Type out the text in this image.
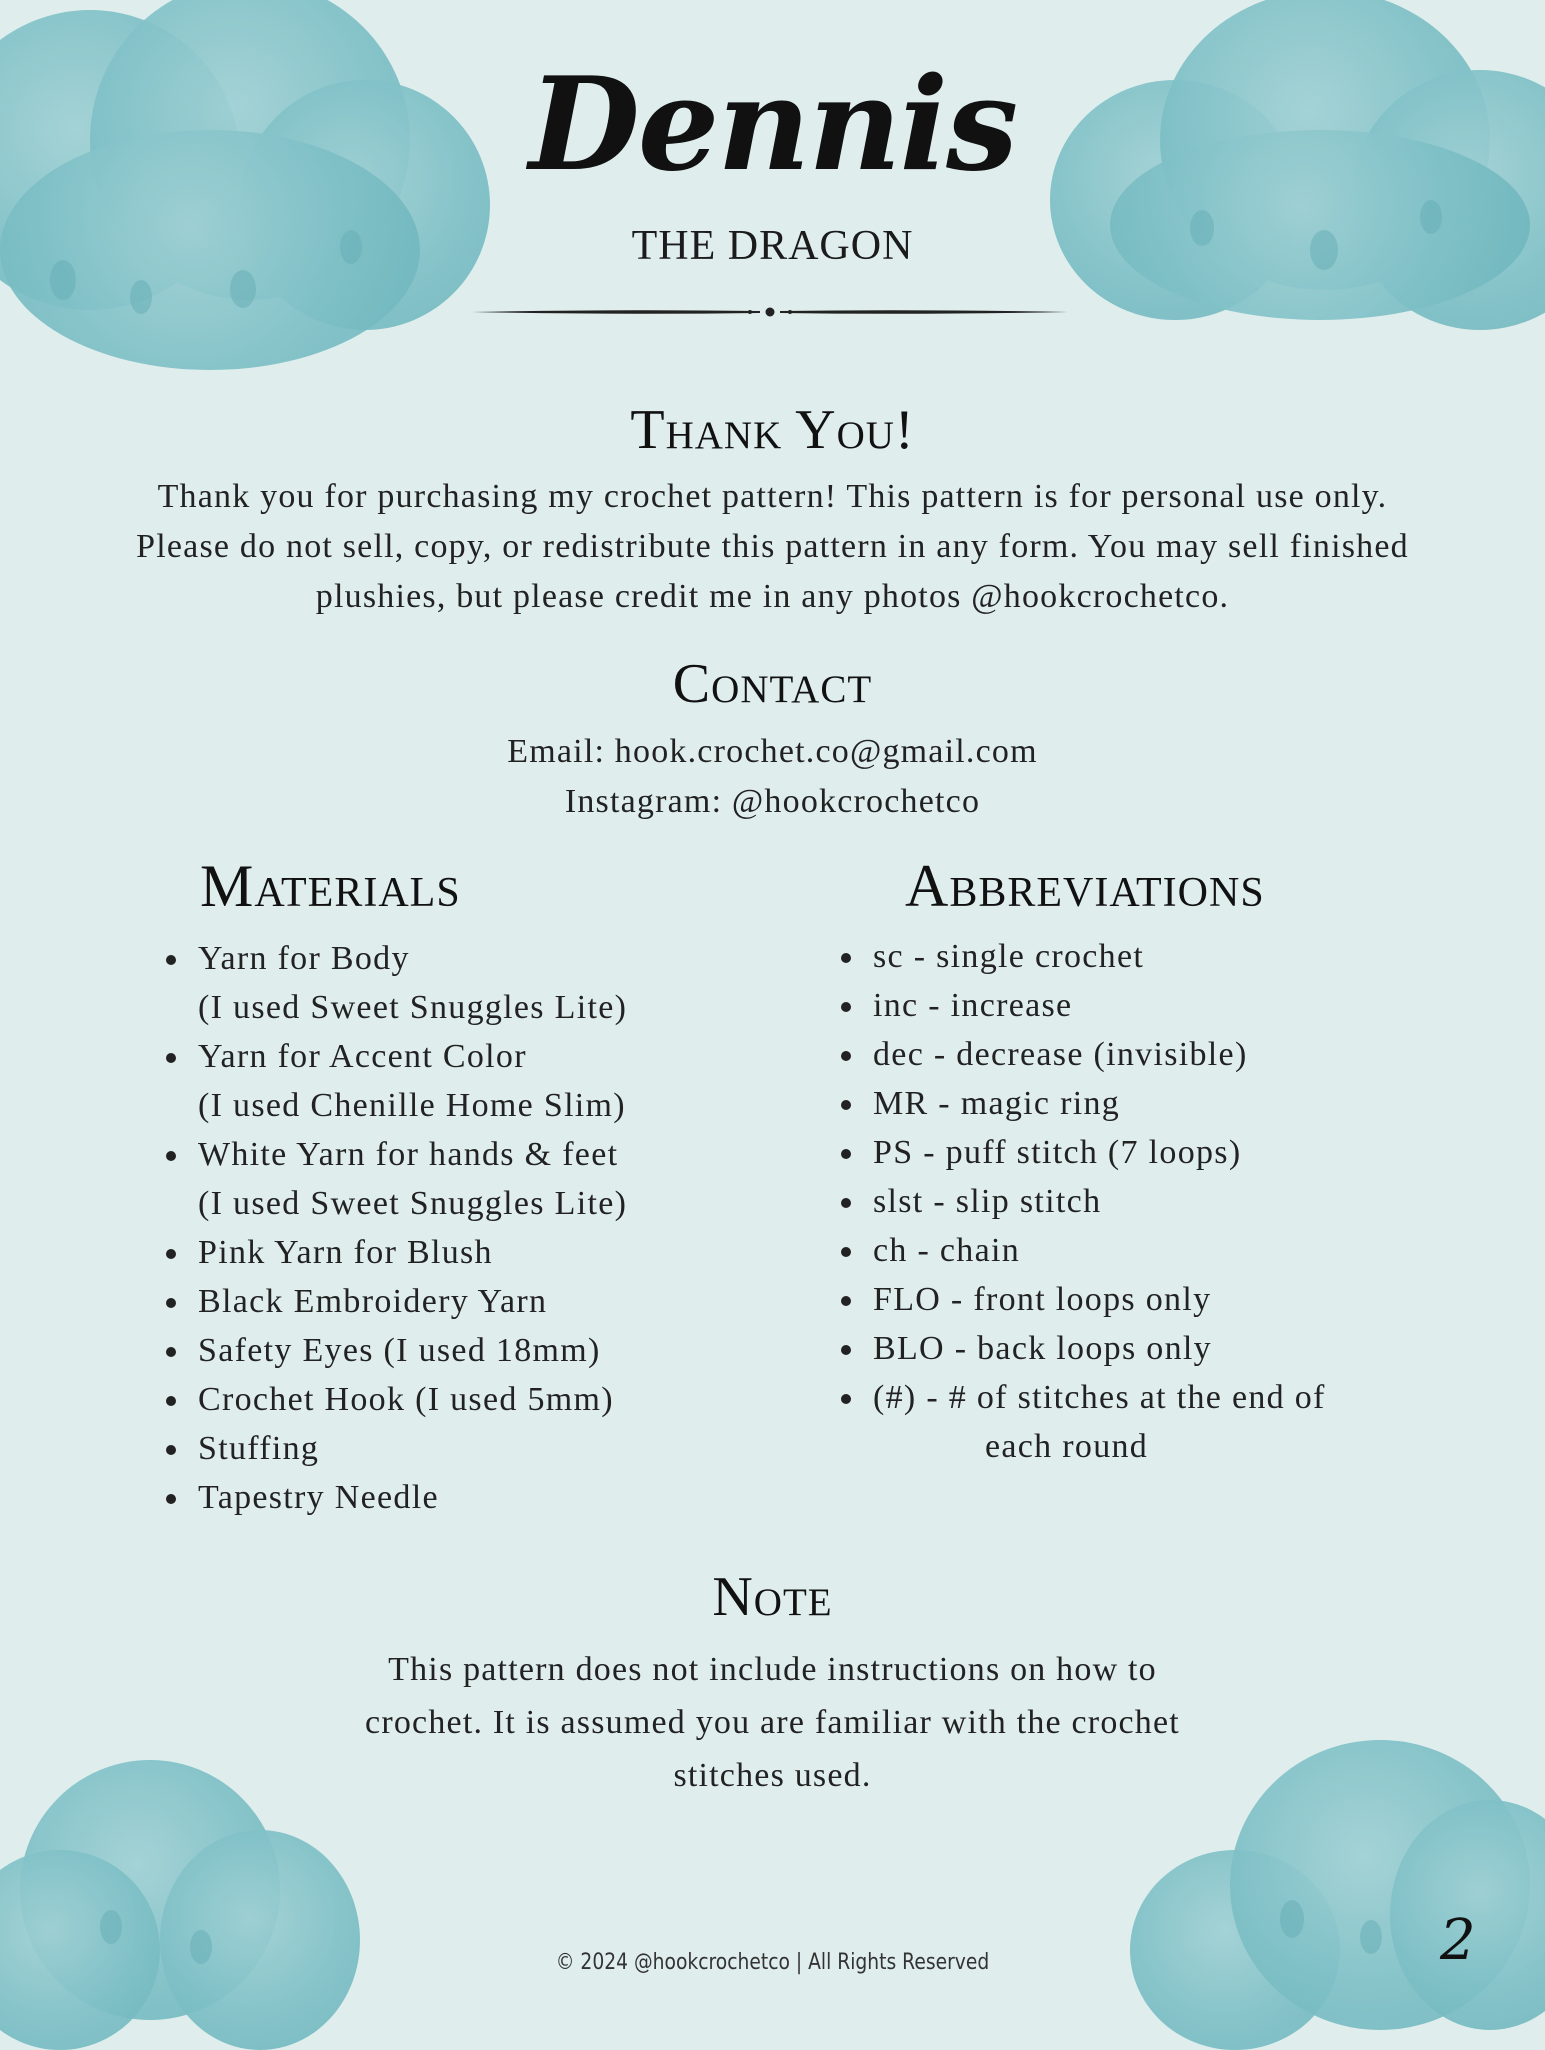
Dennis
THE DRAGON
Thank You!
Thank you for purchasing my crochet pattern! This pattern is for personal use only.
Please do not sell, copy, or redistribute this pattern in any form. You may sell finished
plushies, but please credit me in any photos @hookcrochetco.
Contact
Email: hook.crochet.co@gmail.com
Instagram: @hookcrochetco
Materials
• Yarn for Body
(I used Sweet Snuggles Lite)
• Yarn for Accent Color
(I used Chenille Home Slim)
• White Yarn for hands & feet
(I used Sweet Snuggles Lite)
• Pink Yarn for Blush
• Black Embroidery Yarn
• Safety Eyes (I used 18mm)
• Crochet Hook (I used 5mm)
• Stuffing
• Tapestry Needle
Abbreviations
• sc - single crochet
• inc - increase
• dec - decrease (invisible)
• MR - magic ring
• PS - puff stitch (7 loops)
• slst - slip stitch
• ch - chain
• FLO - front loops only
• BLO - back loops only
• (#) - # of stitches at the end of
each round
Note
This pattern does not include instructions on how to
crochet. It is assumed you are familiar with the crochet
stitches used.
© 2024 @hookcrochetco | All Rights Reserved	2
